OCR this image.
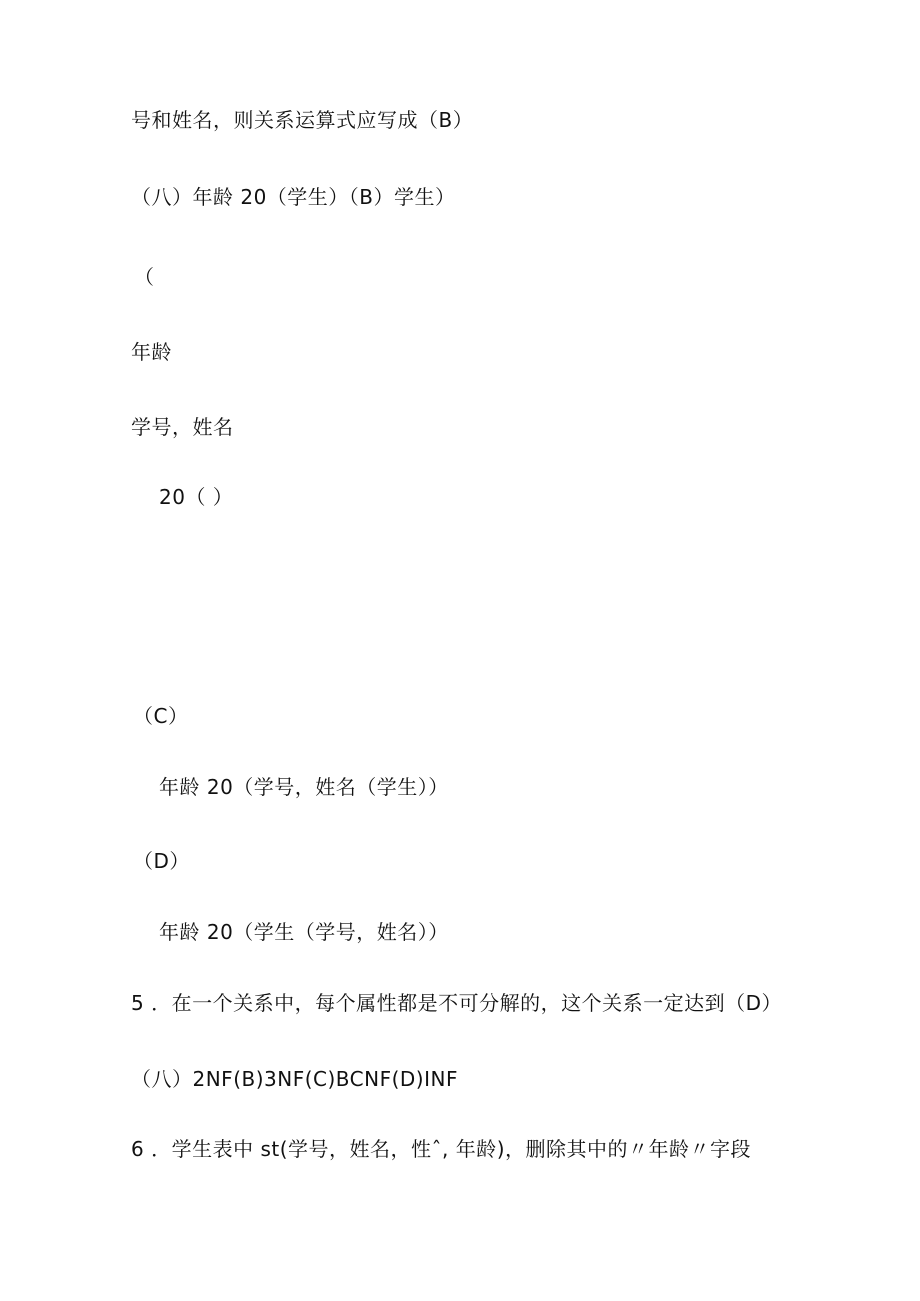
号和姓名，则关系运算式应写成（B）
（八）年龄 20（学生）（B）学生）
（
年龄
学号，姓名
20（ ）
（C）
年龄 20（学号，姓名（学生））
（D）
年龄 20（学生（学号，姓名））
5 ．在一个关系中，每个属性都是不可分解的，这个关系一定达到（D）
（八）2NF(B)3NF(C)BCNF(D)INF
6 ．学生表中 st(学号，姓名，性ˆ, 年龄)，删除其中的〃年龄〃字段
